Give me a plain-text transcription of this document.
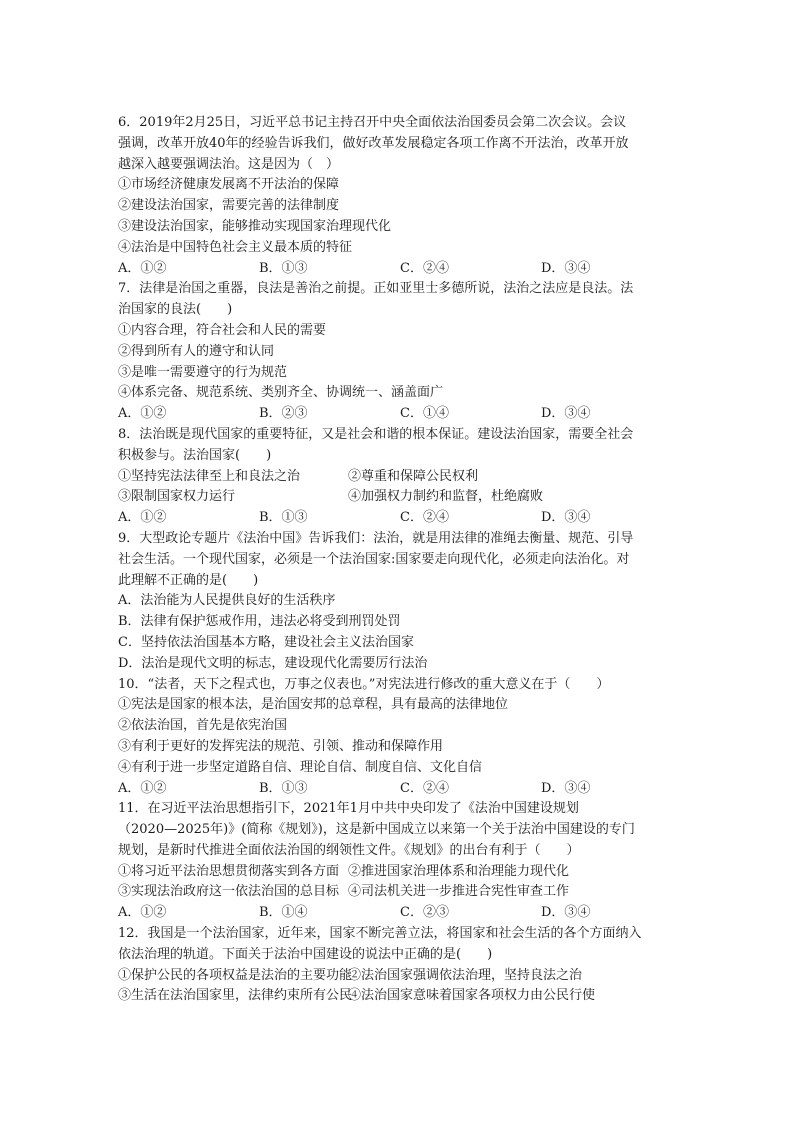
6．2019年2月25日，习近平总书记主持召开中央全面依法治国委员会第二次会议。会议
强调，改革开放40年的经验告诉我们，做好改革发展稳定各项工作离不开法治，改革开放
越深入越要强调法治。这是因为（　）
①市场经济健康发展离不开法治的保障
②建设法治国家，需要完善的法律制度
③建设法治国家，能够推动实现国家治理现代化
④法治是中国特色社会主义最本质的特征
A．①②	B．①③	C．②④	D．③④
7．法律是治国之重器，良法是善治之前提。正如亚里士多德所说，法治之法应是良法。法
治国家的良法(　　)
①内容合理，符合社会和人民的需要
②得到所有人的遵守和认同
③是唯一需要遵守的行为规范
④体系完备、规范系统、类别齐全、协调统一、涵盖面广
A．①②	B．②③	C．①④	D．③④
8．法治既是现代国家的重要特征，又是社会和谐的根本保证。建设法治国家，需要全社会
积极参与。法治国家(　　)
①坚持宪法法律至上和良法之治	②尊重和保障公民权利
③限制国家权力运行	④加强权力制约和监督，杜绝腐败
A．①②	B．①③	C．②④	D．③④
9．大型政论专题片《法治中国》告诉我们：法治，就是用法律的准绳去衡量、规范、引导
社会生活。一个现代国家，必须是一个法治国家:国家要走向现代化，必须走向法治化。对
此理解不正确的是(　　)
A．法治能为人民提供良好的生活秩序
B．法律有保护惩戒作用，违法必将受到刑罚处罚
C．坚持依法治国基本方略，建设社会主义法治国家
D．法治是现代文明的标志，建设现代化需要厉行法治
10．“法者，天下之程式也，万事之仪表也。”对宪法进行修改的重大意义在于（　　）
①宪法是国家的根本法，是治国安邦的总章程，具有最高的法律地位
②依法治国，首先是依宪治国
③有利于更好的发挥宪法的规范、引领、推动和保障作用
④有利于进一步坚定道路自信、理论自信、制度自信、文化自信
A．①②	B．①③	C．②④	D．③④
11．在习近平法治思想指引下，2021年1月中共中央印发了《法治中国建设规划
（2020—2025年)》(简称《规划》)，这是新中国成立以来第一个关于法治中国建设的专门
规划，是新时代推进全面依法治国的纲领性文件。《规划》的出台有利于（　　）
①将习近平法治思想贯彻落实到各方面 ②推进国家治理体系和治理能力现代化
③实现法治政府这一依法治国的总目标 ④司法机关进一步推进合宪性审查工作
A．①②	B．①④	C．②③	D．③④
12．我国是一个法治国家，近年来，国家不断完善立法，将国家和社会生活的各个方面纳入
依法治理的轨道。下面关于法治中国建设的说法中正确的是(　　)
①保护公民的各项权益是法治的主要功能
②法治国家强调依法治理，坚持良法之治
③生活在法治国家里，法律约束所有公民
④法治国家意味着国家各项权力由公民行使
